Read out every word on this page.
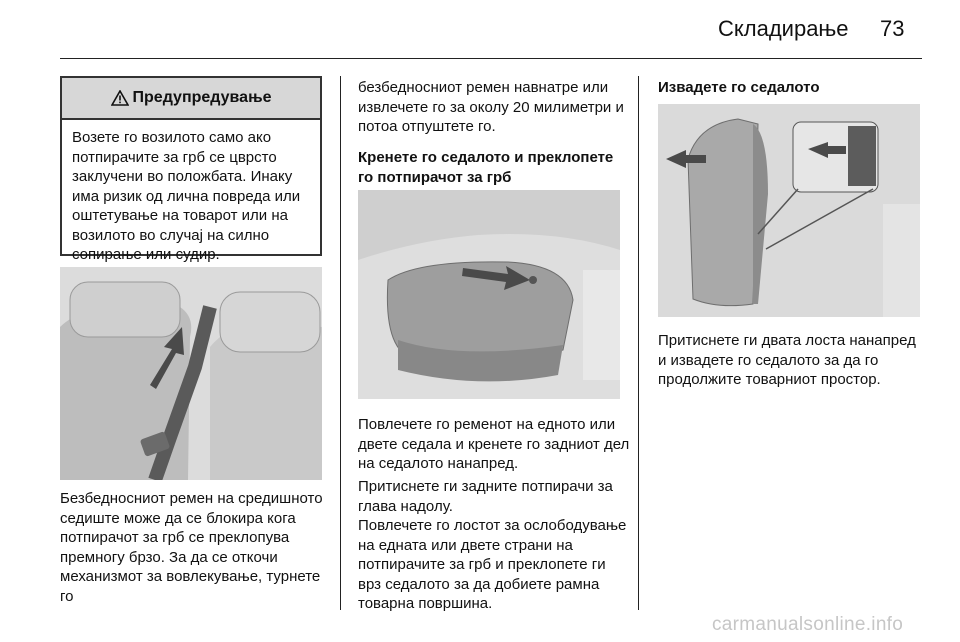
Складирање 73
Предупредување
Возете го возилото само ако потпирачите за грб се цврсто заклучени во положбата. Инаку има ризик од лична повреда или оштетување на товарот или на возилото во случај на силно сопирање или судир.

Безбедносниот ремен на средишното седиште може да се блокира кога потпирачот за грб се преклопува премногу брзо. За да се откочи механизмот за вовлекување, турнете го

безбедносниот ремен навнатре или извлечете го за околу 20 милиметри и потоа отпуштете го.

Кренете го седалото и преклопете го потпирачот за грб

Повлечете го ременот на едното или двете седала и кренете го задниот дел на седалото нанапред.

Притиснете ги задните потпирачи за глава надолу.

Повлечете го лостот за ослободување на едната или двете страни на потпирачите за грб и преклопете ги врз седалото за да добиете рамна товарна површина.

Извадете го седалото

Притиснете ги двата лоста нанапред и извадете го седалото за да го продолжите товарниот простор.

carmanualsonline.info
